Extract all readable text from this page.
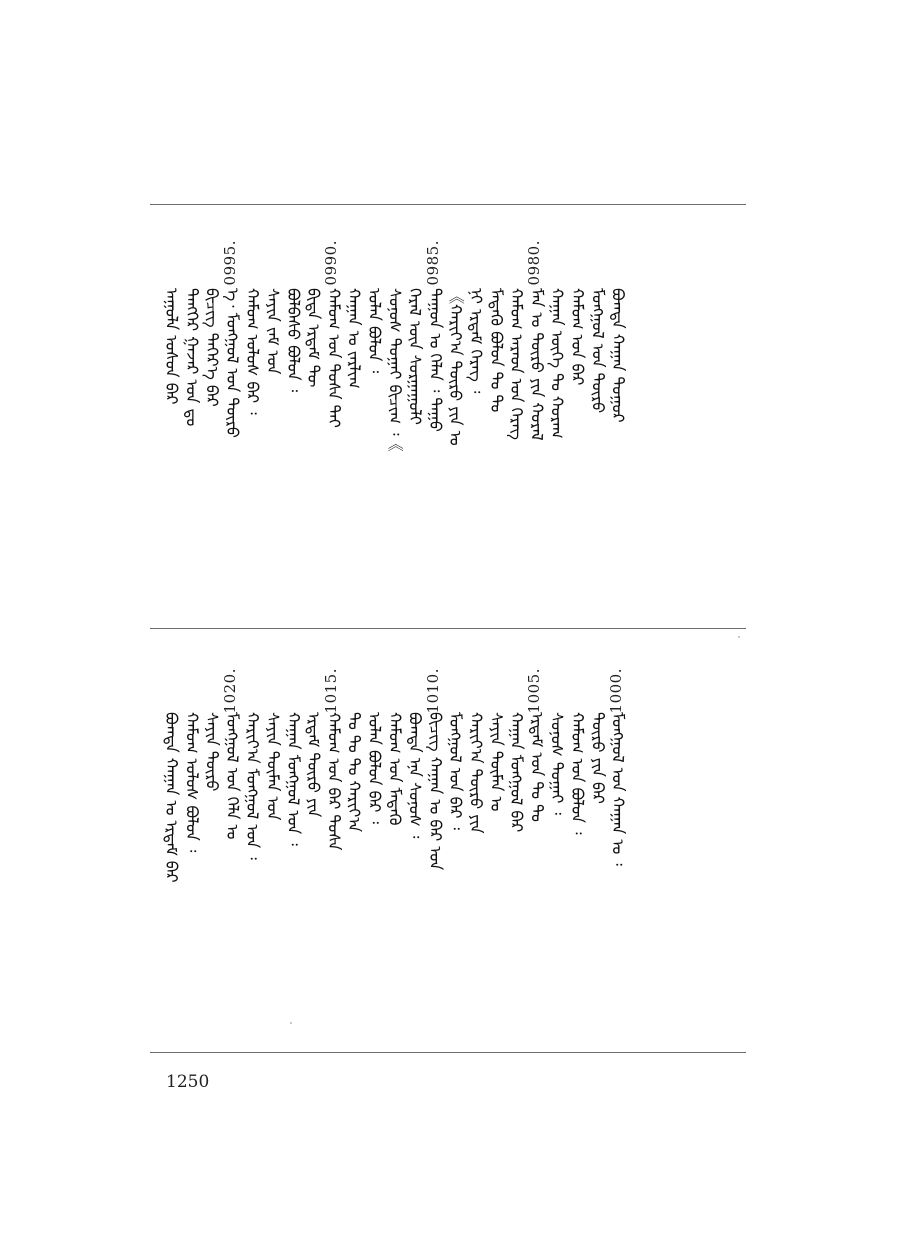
ᠠᠭᠤᠯᠠ ᠤᠰᠤᠨ ᠪᠡᠷ ᠲᠡᠩᠭᠡᠷ ᠭᠠᠵᠠᠷ ᠤᠨ ᠳᠤ ᠪᠢᠴᠢᠭ ᠳᠡᠭᠡᠷ᠎ᠡ ᠪᠠᠷ
0995.
ᠡ᠂ ᠮᠣᠩᠭᠣᠯ ᠤᠨ ᠲᠥᠷᠥ ᠬᠠᠮᠤᠭ ᠤᠯᠤᠰ ᠪᠡᠷ ᠄ ᠰᠠᠶᠢᠨ ᠵᠠᠮ ᠤᠨ ᠪᠣᠯᠪᠠᠰᠤ ᠪᠣᠯᠤᠨ ᠄ ᠪᠢᠳᠡ ᠡᠷᠳᠡᠮ ᠲᠦ
0990.
ᠬᠠᠮᠤᠭ ᠤᠨ ᠲᠤᠰᠠ ᠲᠠᠢ ᠬᠠᠭᠠᠨ ᠤ ᠵᠠᠷᠯᠢᠭ ᠣᠯᠠᠨ ᠪᠣᠯᠤᠨ ᠄ ᠰᠣᠨᠣᠰ ᠲᠤᠭᠠᠢ ᠪᠢᠴᠢᠭ᠋ ᠄《 ᠭᠡᠷᠡᠯ ᠦᠨ ᠰᠤᠷᠭᠠᠭᠤᠯᠢ
0985.
ᠳᠠᠭᠤᠨ ᠤ ᠬᠡᠯᠡᠨ ᠄ ᠳᠠᠭᠤ 《ᠬᠠᠷᠢᠶ᠎ᠠ ᠲᠦᠷᠦ ᠶᠢᠨ ᠤ ᠨᠢ ᠡᠷᠳᠡᠮ ᠬᠡᠷᠡᠭ ᠄ ᠮᠡᠳᠡᠬᠦ ᠪᠣᠯᠤᠨ ᠲᠤ ᠲᠤ ᠬᠠᠮᠤᠭ ᠠᠷᠠᠳ ᠤᠨ ᠬᠡᠷᠡᠭ
0980.
ᠮᠠᠨ ᠤ ᠲᠦᠷᠦ ᠶᠢᠨ ᠬᠤᠷᠠᠯ ᠬᠠᠭᠠᠨ ᠦᠭᠡ ᠲᠤ ᠬᠤᠷᠠᠭ ᠬᠠᠮᠤᠭ ᠤᠨ ᠪᠡᠷ ᠮᠣᠩᠭᠣᠯ ᠤᠨ ᠲᠥᠷᠥ ᠪᠣᠭᠳᠠ ᠬᠠᠭᠠᠨ ᠲᠤᠭᠤᠷ
ᠪᠣᠭᠳᠠ ᠬᠠᠭᠠᠨ ᠤ ᠡᠷᠳᠡᠮ ᠪᠡᠷ ᠬᠠᠮᠤᠭ ᠤᠯᠤᠰ ᠪᠣᠯᠤᠨ ᠄ ᠰᠠᠶᠢᠨ ᠲᠥᠷᠥ
1020.
ᠮᠣᠩᠭᠣᠯ ᠤᠨ ᠬᠡᠯᠡ ᠤ ᠬᠠᠷᠢᠶ᠎ᠠ ᠮᠣᠩᠭᠣᠯ ᠤᠨ ᠄ ᠰᠠᠶᠢᠨ ᠲᠦᠮᠡᠨ ᠤᠨ ᠬᠠᠭᠠᠨ ᠮᠣᠩᠭᠣᠯ ᠤᠨ ᠄ ᠡᠷᠳᠡᠮ ᠲᠦᠷᠦ ᠶᠢᠨ
1015.
ᠬᠠᠮᠤᠭ ᠤᠨ ᠪᠡᠷ ᠲᠤᠰᠠ ᠲᠤ ᠲᠤ ᠲᠤ ᠬᠠᠷᠢᠶ᠎ᠠ ᠣᠯᠠᠨ ᠪᠣᠯᠤᠨ ᠪᠡᠷ ᠄ ᠬᠠᠮᠤᠭ ᠤᠨ ᠮᠡᠳᠡᠬᠦ ᠪᠣᠭᠳᠠ ᠡᠨᠡ ᠰᠣᠨᠣᠰ ᠄
1010.
ᠪᠢᠴᠢᠭ ᠬᠠᠭᠠᠨ ᠤ ᠪᠡᠷ ᠤᠨ ᠮᠣᠩᠭᠣᠯ ᠤᠨ ᠪᠡᠷ ᠄ ᠬᠠᠷᠢᠶ᠎ᠠ ᠲᠦᠷᠦ ᠶᠢᠨ ᠰᠠᠶᠢᠨ ᠲᠦᠮᠡᠨ ᠤ ᠬᠠᠭᠠᠨ ᠮᠣᠩᠭᠣᠯ ᠪᠡᠷ
1005.
ᠡᠷᠳᠡᠮ ᠤᠨ ᠲᠤ ᠲᠤ ᠰᠣᠨᠣᠰ ᠲᠤᠭᠠᠢ ᠄ ᠬᠠᠮᠤᠭ ᠤᠨ ᠪᠣᠯᠤᠨ ᠄ ᠲᠦᠷᠦ ᠶᠢᠨ ᠪᠡᠷ
1000.
ᠮᠣᠩᠭᠣᠯ ᠤᠨ ᠬᠠᠭᠠᠨ ᠤ ᠄
1250
